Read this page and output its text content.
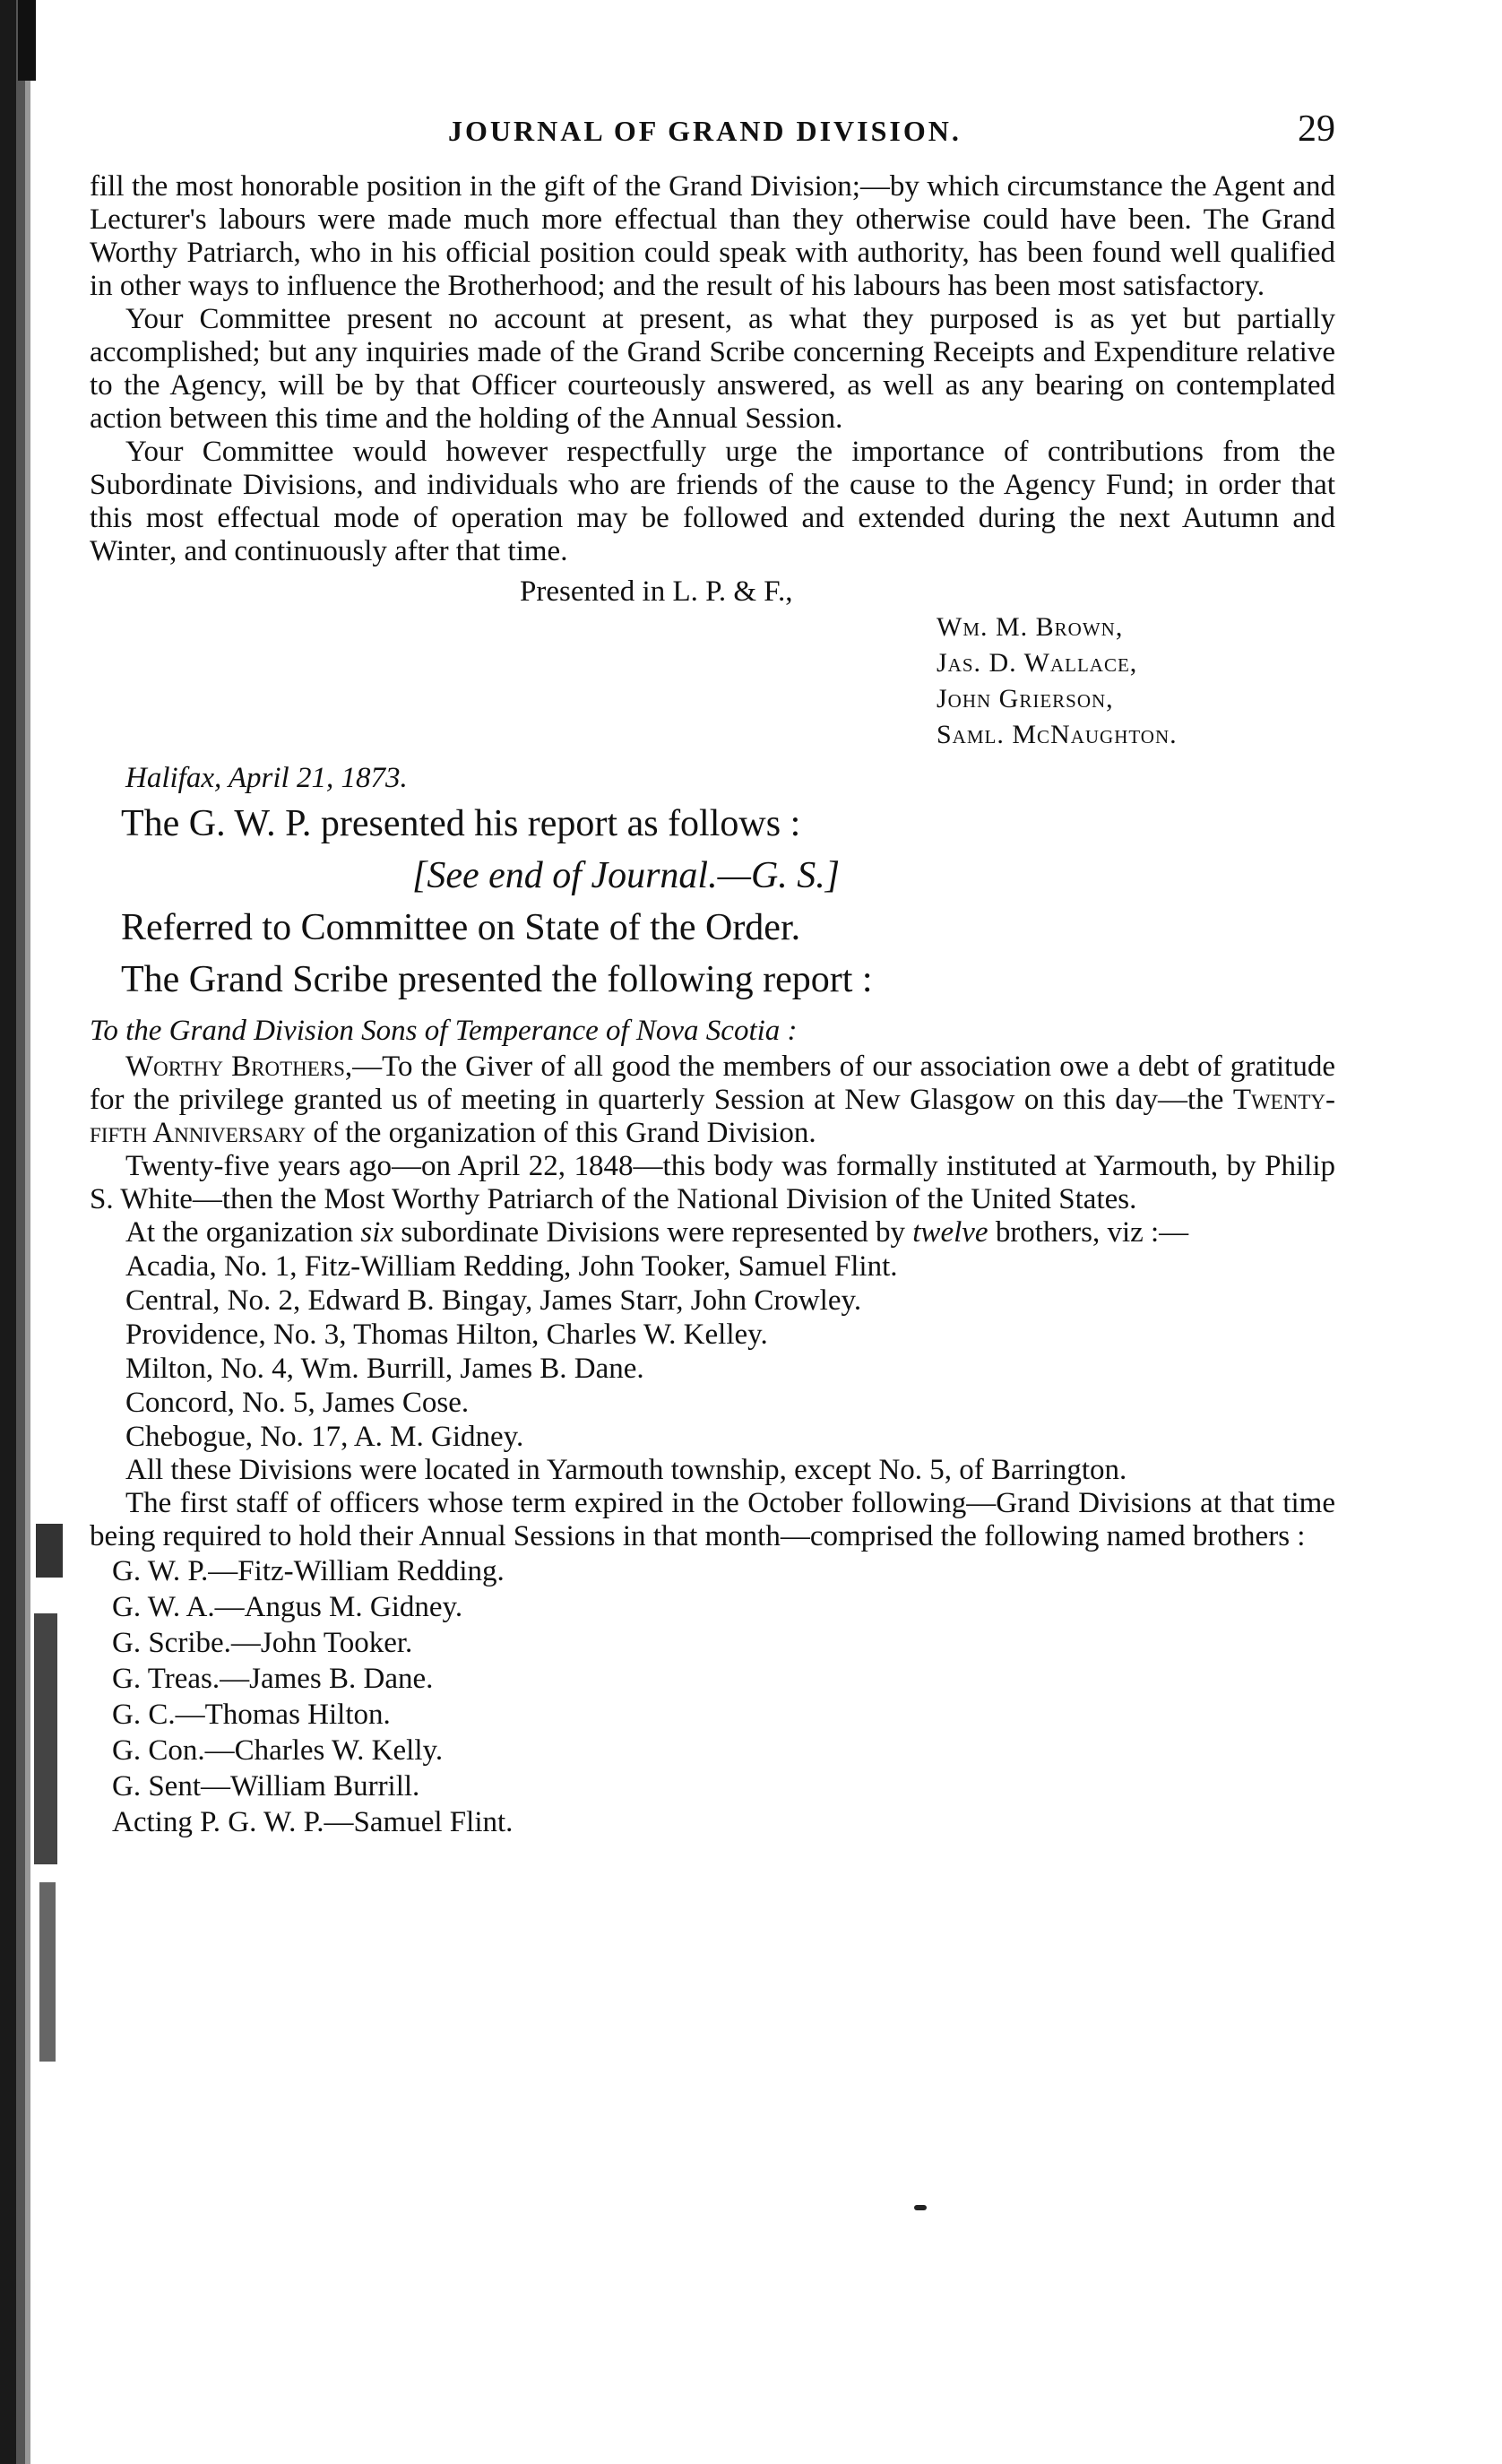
JOURNAL OF GRAND DIVISION.	29

fill the most honorable position in the gift of the Grand Division;—by which circumstance the Agent and Lecturer's labours were made much more effectual than they otherwise could have been. The Grand Worthy Patriarch, who in his official position could speak with authority, has been found well qualified in other ways to influence the Brotherhood; and the result of his labours has been most satisfactory.

Your Committee present no account at present, as what they purposed is as yet but partially accomplished; but any inquiries made of the Grand Scribe concerning Receipts and Expenditure relative to the Agency, will be by that Officer courteously answered, as well as any bearing on contemplated action between this time and the holding of the Annual Session.

Your Committee would however respectfully urge the importance of contributions from the Subordinate Divisions, and individuals who are friends of the cause to the Agency Fund; in order that this most effectual mode of operation may be followed and extended during the next Autumn and Winter, and continuously after that time.

Presented in L. P. & F.,
Wm. M. Brown,
Jas. D. Wallace,
John Grierson,
Saml. McNaughton.
Halifax, April 21, 1873.

The G. W. P. presented his report as follows :

[See end of Journal.—G. S.]

Referred to Committee on State of the Order.

The Grand Scribe presented the following report :

To the Grand Division Sons of Temperance of Nova Scotia :

Worthy Brothers,—To the Giver of all good the members of our association owe a debt of gratitude for the privilege granted us of meeting in quarterly Session at New Glasgow on this day—the Twenty-fifth Anniversary of the organization of this Grand Division.

Twenty-five years ago—on April 22, 1848—this body was formally instituted at Yarmouth, by Philip S. White—then the Most Worthy Patriarch of the National Division of the United States.

At the organization six subordinate Divisions were represented by twelve brothers, viz :—

Acadia, No. 1, Fitz-William Redding, John Tooker, Samuel Flint.
Central, No. 2, Edward B. Bingay, James Starr, John Crowley.
Providence, No. 3, Thomas Hilton, Charles W. Kelley.
Milton, No. 4, Wm. Burrill, James B. Dane.
Concord, No. 5, James Cose.
Chebogue, No. 17, A. M. Gidney.

All these Divisions were located in Yarmouth township, except No. 5, of Barrington.

The first staff of officers whose term expired in the October following—Grand Divisions at that time being required to hold their Annual Sessions in that month—comprised the following named brothers :

G. W. P.—Fitz-William Redding.
G. W. A.—Angus M. Gidney.
G. Scribe.—John Tooker.
G. Treas.—James B. Dane.
G. C.—Thomas Hilton.
G. Con.—Charles W. Kelly.
G. Sent—William Burrill.
Acting P. G. W. P.—Samuel Flint.
